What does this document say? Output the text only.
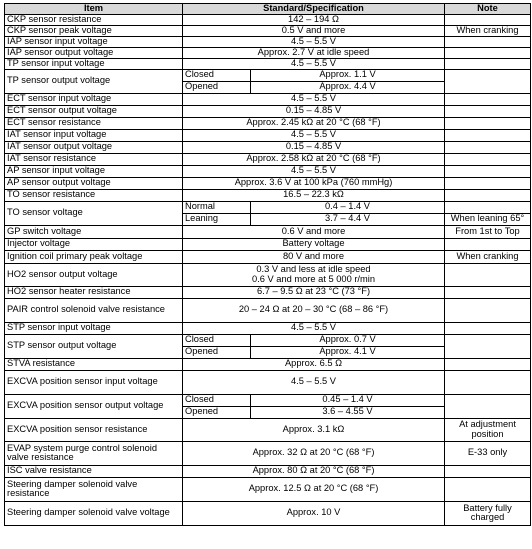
Item	Standard/Specification		Note
CKP sensor resistance	142 – 194 Ω		

CKP sensor peak voltage	0.5 V and more		When cranking
IAP sensor input voltage	4.5 – 5.5 V		

IAP sensor output voltage	Approx. 2.7 V at idle speed		

TP sensor input voltage	4.5 – 5.5 V		

TP sensor output voltage	Closed	Approx. 1.1 V	
	Opened	Approx. 4.4 V	
ECT sensor input voltage	4.5 – 5.5 V		

ECT sensor output voltage	0.15 – 4.85 V		

ECT sensor resistance	Approx. 2.45 kΩ at 20 °C (68 °F)		

IAT sensor input voltage	4.5 – 5.5 V		

IAT sensor output voltage	0.15 – 4.85 V		

IAT sensor resistance	Approx. 2.58 kΩ at 20 °C (68 °F)		

AP sensor input voltage	4.5 – 5.5 V		

AP sensor output voltage	Approx. 3.6 V at 100 kPa (760 mmHg)		

TO sensor resistance	16.5 – 22.3 kΩ		

TO sensor voltage	Normal	0.4 – 1.4 V	
	Leaning	3.7 – 4.4 V	When leaning 65°
GP switch voltage	0.6 V and more		From 1st to Top
Injector voltage	Battery voltage		

Ignition coil primary peak voltage	80 V and more		When cranking
HO2 sensor output voltage	0.3 V and less at idle speed
0.6 V and more at 5 000 r/min		

HO2 sensor heater resistance	6.7 – 9.5 Ω at 23 °C (73 °F)		

PAIR control solenoid valve resistance	20 – 24 Ω at 20 – 30 °C (68 – 86 °F)		

STP sensor input voltage	4.5 – 5.5 V		

STP sensor output voltage	Closed	Approx. 0.7 V	
	Opened	Approx. 4.1 V	
STVA resistance	Approx. 6.5 Ω		

EXCVA position sensor input voltage	4.5 – 5.5 V		

EXCVA position sensor output voltage	Closed	0.45 – 1.4 V	
	Opened	3.6 – 4.55 V	
EXCVA position sensor resistance	Approx. 3.1 kΩ		At adjustment position
EVAP system purge control solenoid valve resistance	Approx. 32 Ω at 20 °C (68 °F)		E-33 only
ISC valve resistance	Approx. 80 Ω at 20 °C (68 °F)		

Steering damper solenoid valve resistance	Approx. 12.5 Ω at 20 °C (68 °F)		

Steering damper solenoid valve voltage	Approx. 10 V		Battery fully charged
